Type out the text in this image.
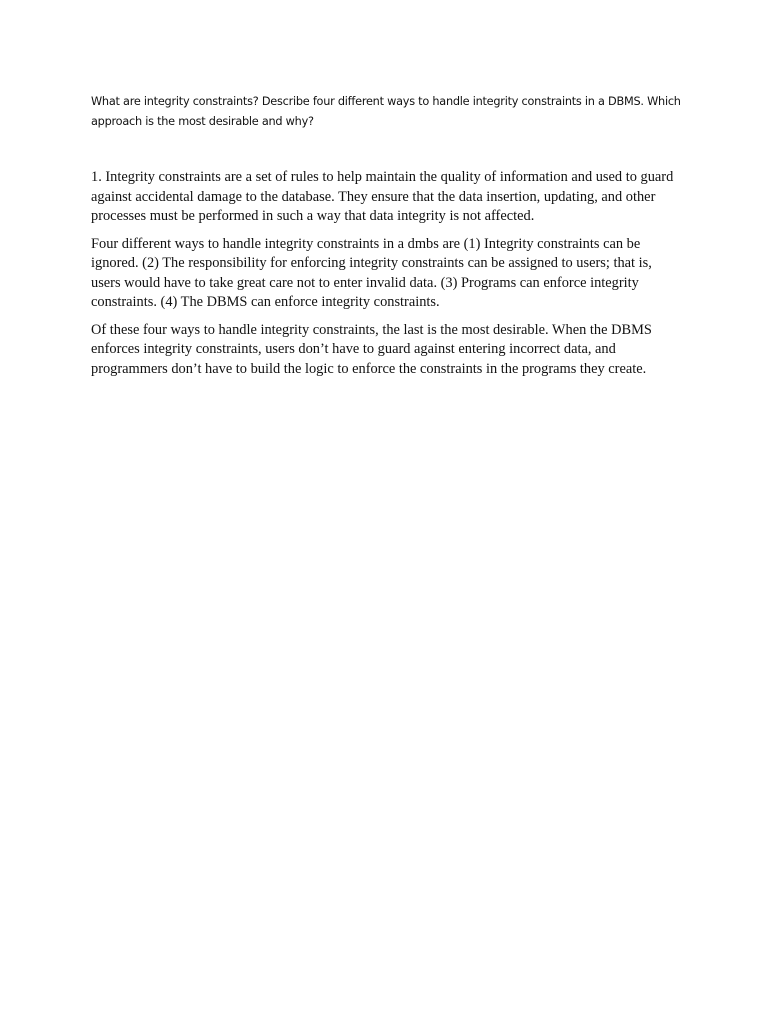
What are integrity constraints? Describe four different ways to handle integrity constraints in a DBMS. Which approach is the most desirable and why?

1. Integrity constraints are a set of rules to help maintain the quality of information and used to guard against accidental damage to the database. They ensure that the data insertion, updating, and other processes must be performed in such a way that data integrity is not affected.

Four different ways to handle integrity constraints in a dmbs are (1) Integrity constraints can be ignored. (2) The responsibility for enforcing integrity constraints can be assigned to users; that is, users would have to take great care not to enter invalid data. (3) Programs can enforce integrity constraints. (4) The DBMS can enforce integrity constraints.

Of these four ways to handle integrity constraints, the last is the most desirable. When the DBMS enforces integrity constraints, users don’t have to guard against entering incorrect data, and programmers don’t have to build the logic to enforce the constraints in the programs they create.
